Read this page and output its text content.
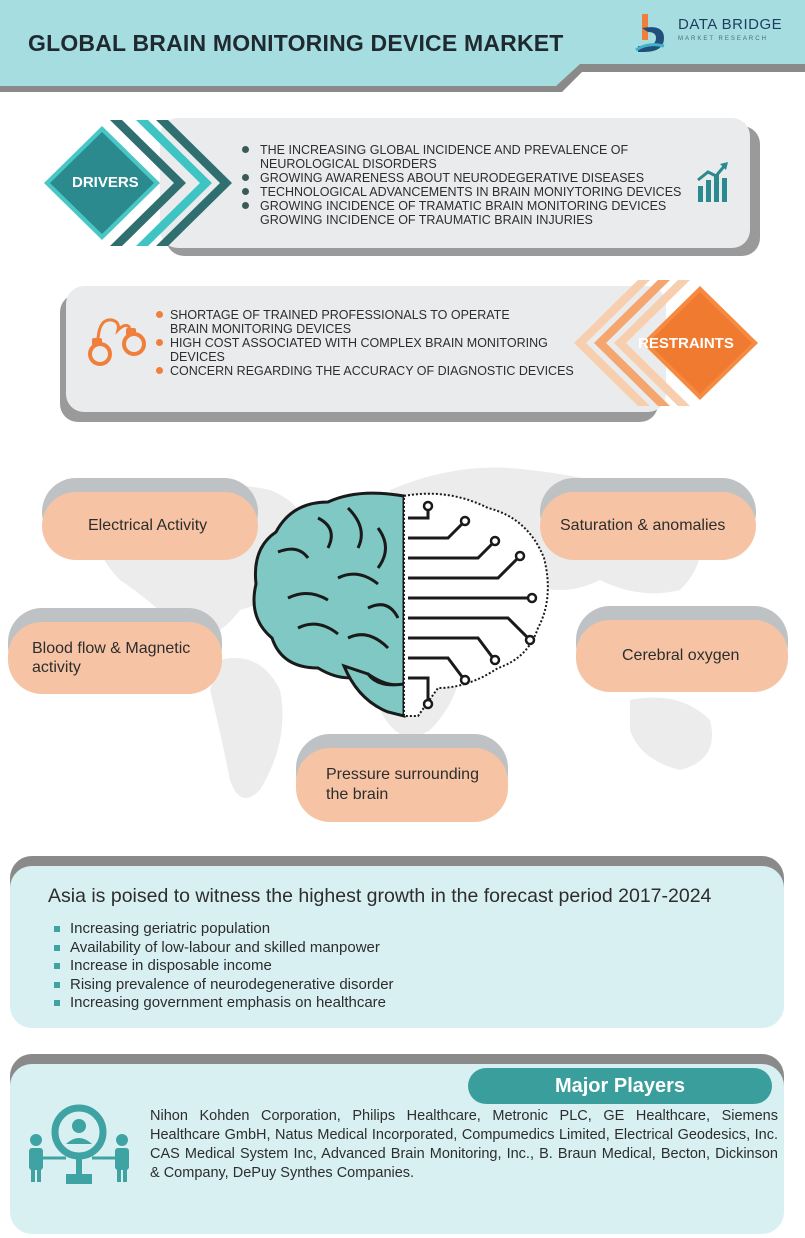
GLOBAL BRAIN MONITORING DEVICE MARKET
DATA BRIDGE
MARKET RESEARCH
DRIVERS
THE INCREASING GLOBAL INCIDENCE AND PREVALENCE OF
NEUROLOGICAL DISORDERS
GROWING AWARENESS ABOUT NEURODEGERATIVE DISEASES
TECHNOLOGICAL ADVANCEMENTS IN BRAIN MONIYTORING DEVICES
GROWING INCIDENCE OF TRAMATIC BRAIN MONITORING DEVICES
GROWING INCIDENCE OF TRAUMATIC BRAIN INJURIES
RESTRAINTS
SHORTAGE OF TRAINED PROFESSIONALS TO OPERATE
BRAIN MONITORING DEVICES
HIGH COST ASSOCIATED WITH COMPLEX BRAIN MONITORING
DEVICES
CONCERN REGARDING THE ACCURACY OF DIAGNOSTIC DEVICES
Electrical Activity	Saturation & anomalies
Blood flow & Magnetic activity
Cerebral oxygen
Pressure surrounding the brain
Asia is poised to witness the highest growth in the forecast period 2017-2024
Increasing geriatric population
Availability of low-labour and skilled manpower
Increase in disposable income
Rising prevalence of neurodegenerative disorder
Increasing government emphasis on healthcare
Major Players
Nihon Kohden Corporation, Philips Healthcare, Metronic PLC, GE Healthcare, Siemens Healthcare GmbH, Natus Medical Incorporated, Compumedics Limited, Electrical Geodesics, Inc. CAS Medical System Inc, Advanced Brain Monitoring, Inc., B. Braun Medical, Becton, Dickinson & Company, DePuy Synthes Companies.
